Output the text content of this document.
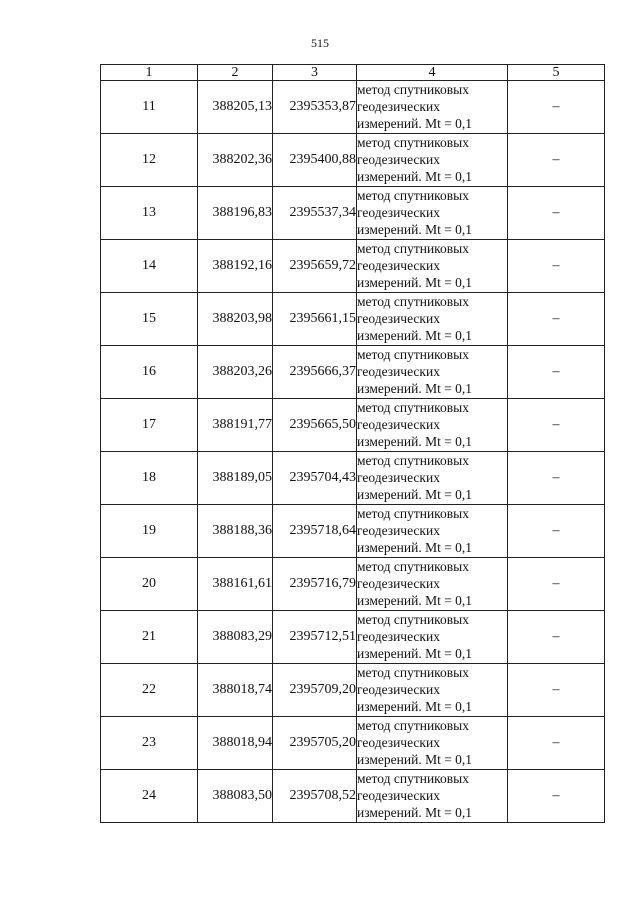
515
1	2	3	4	5
11	388205,13	2395353,87	метод спутниковых
геодезических
измерений. Mt = 0,1	–
12	388202,36	2395400,88	метод спутниковых
геодезических
измерений. Mt = 0,1	–
13	388196,83	2395537,34	метод спутниковых
геодезических
измерений. Mt = 0,1	–
14	388192,16	2395659,72	метод спутниковых
геодезических
измерений. Mt = 0,1	–
15	388203,98	2395661,15	метод спутниковых
геодезических
измерений. Mt = 0,1	–
16	388203,26	2395666,37	метод спутниковых
геодезических
измерений. Mt = 0,1	–
17	388191,77	2395665,50	метод спутниковых
геодезических
измерений. Mt = 0,1	–
18	388189,05	2395704,43	метод спутниковых
геодезических
измерений. Mt = 0,1	–
19	388188,36	2395718,64	метод спутниковых
геодезических
измерений. Mt = 0,1	–
20	388161,61	2395716,79	метод спутниковых
геодезических
измерений. Mt = 0,1	–
21	388083,29	2395712,51	метод спутниковых
геодезических
измерений. Mt = 0,1	–
22	388018,74	2395709,20	метод спутниковых
геодезических
измерений. Mt = 0,1	–
23	388018,94	2395705,20	метод спутниковых
геодезических
измерений. Mt = 0,1	–
24	388083,50	2395708,52	метод спутниковых
геодезических
измерений. Mt = 0,1	–
